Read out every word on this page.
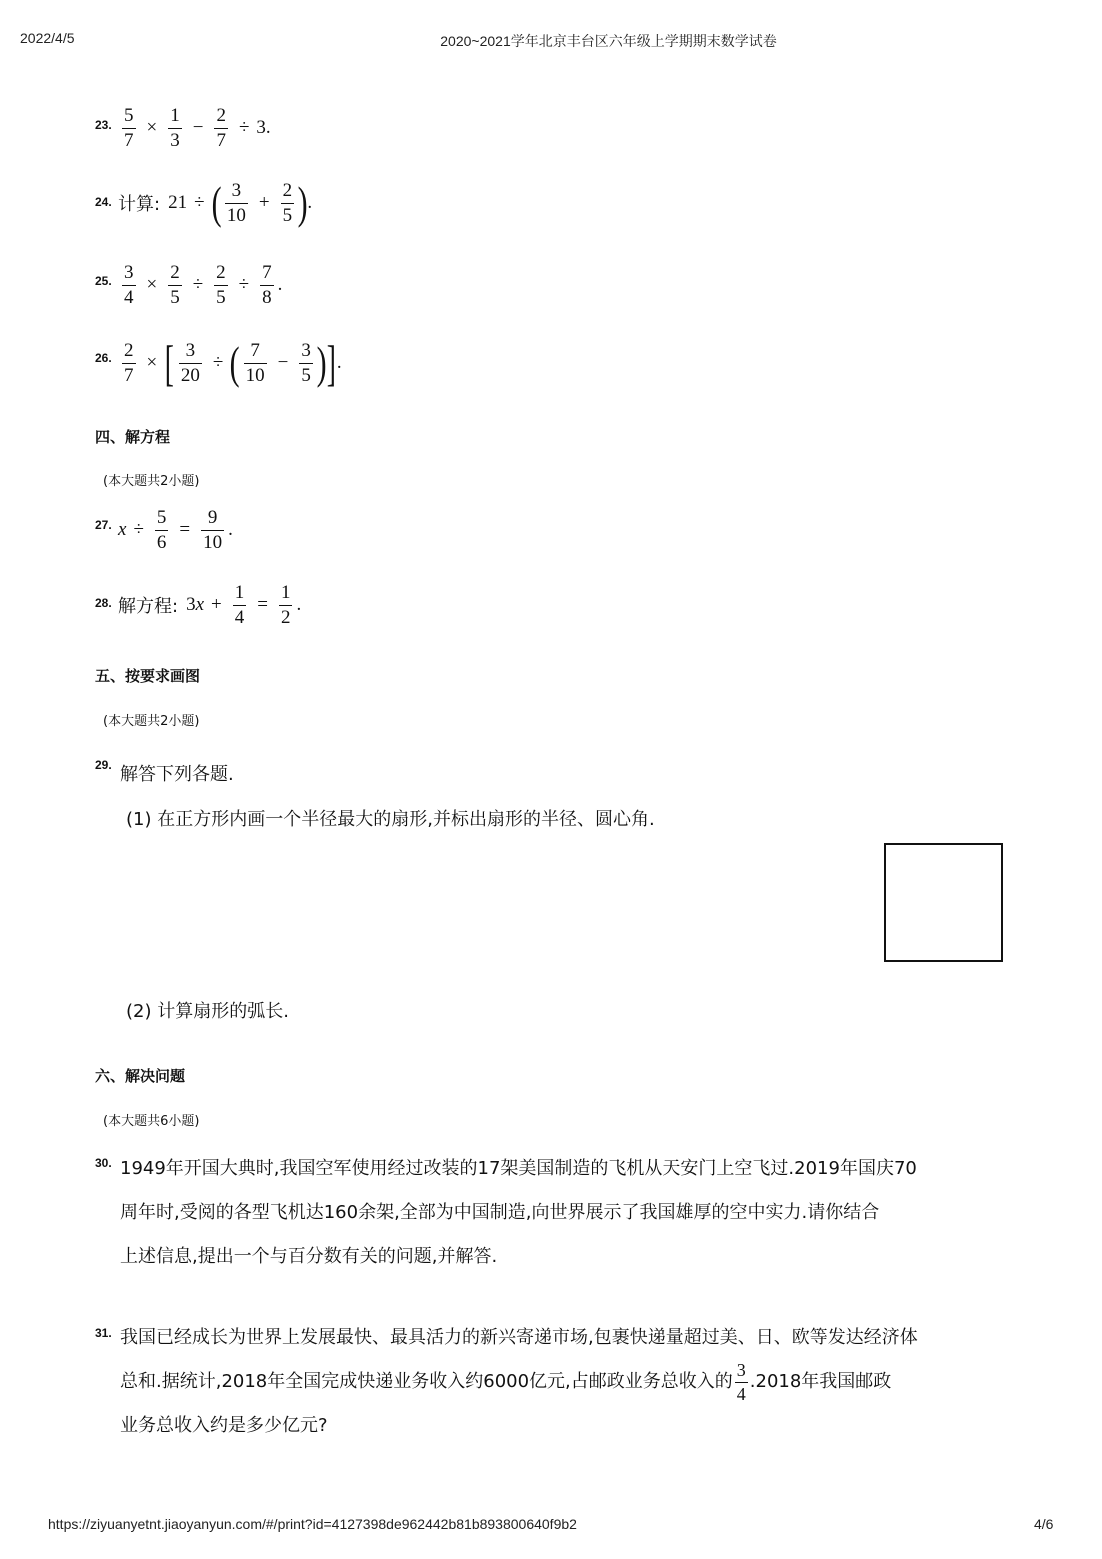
2022/4/5	2020~2021学年北京丰台区六年级上学期期末数学试卷
23. $\frac{5}{7} \times \frac{1}{3} - \frac{2}{7} \div 3$.
24. 计算: 21 ÷ ( $\frac{3}{10} + \frac{2}{5}$ ) .
25. $\frac{3}{4} \times \frac{2}{5} \div \frac{2}{5} \div \frac{7}{8}$ .
26. $\frac{2}{7}$ × [ $\frac{3}{20}$ ÷ ( $\frac{7}{10} - \frac{3}{5}$ ) ] .
四、解方程
(本大题共2小题)
27. $x \div \frac{5}{6} = \frac{9}{10}$ .
28. 解方程: 3 $x + \frac{1}{4} = \frac{1}{2}$ .
五、按要求画图
(本大题共2小题)
29. 解答下列各题.
(1) 在正方形内画一个半径最大的扇形,并标出扇形的半径、圆心角.
(2) 计算扇形的弧长.
六、解决问题
(本大题共6小题)
30. 1949年开国大典时,我国空军使用经过改装的17架美国制造的飞机从天安门上空飞过.2019年国庆70
周年时,受阅的各型飞机达160余架,全部为中国制造,向世界展示了我国雄厚的空中实力.请你结合
上述信息,提出一个与百分数有关的问题,并解答.
31. 我国已经成长为世界上发展最快、最具活力的新兴寄递市场,包裹快递量超过美、日、欧等发达经济体
总和.据统计,2018年全国完成快递业务收入约6000亿元,占邮政业务总收入的 $\frac{3}{4} .2018$年我国邮政
业务总收入约是多少亿元?
https://ziyuanyetnt.jiaoyanyun.com/#/print?id=4127398de962442b81b893800640f9b2	4/6
